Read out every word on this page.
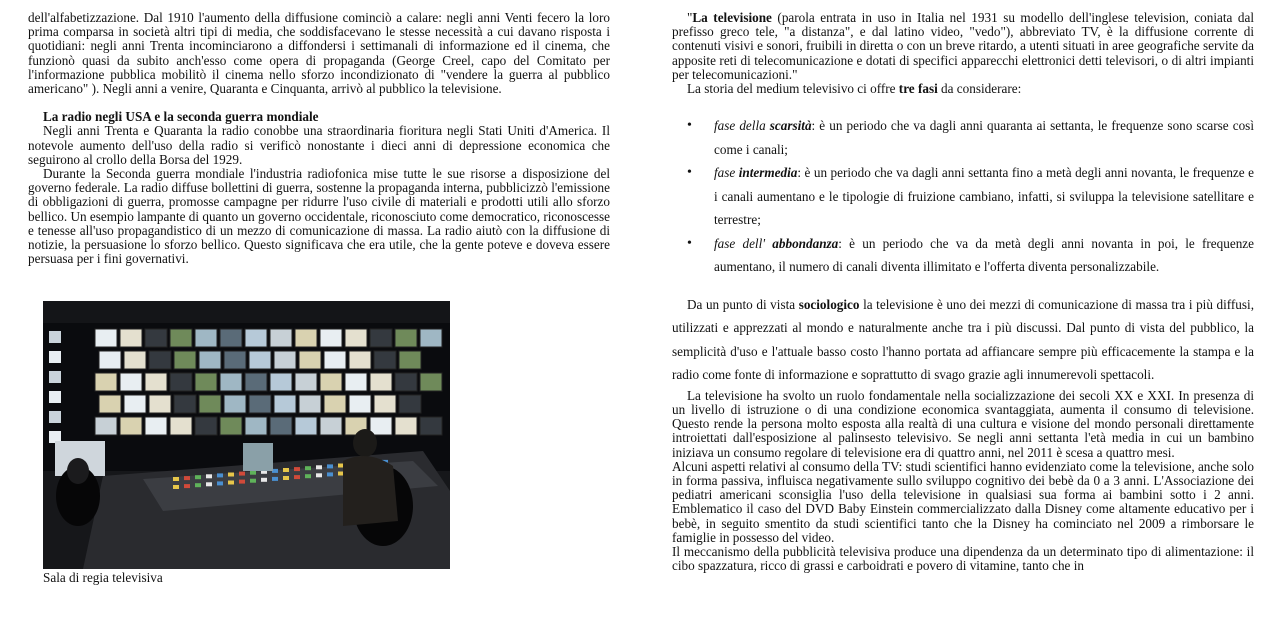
dell'alfabetizzazione. Dal 1910 l'aumento della diffusione cominciò a calare: negli anni Venti fecero la loro prima comparsa in società altri tipi di media, che soddisfacevano le stesse necessità a cui davano risposta i quotidiani: negli anni Trenta incominciarono a diffondersi i settimanali di informazione ed il cinema, che funzionò quasi da subito anch'esso come opera di propaganda (George Creel, capo del Comitato per l'informazione pubblica mobilitò il cinema nello sforzo incondizionato di "vendere la guerra al pubblico americano" ). Negli anni a venire, Quaranta e Cinquanta, arrivò al pubblico la televisione.

La radio negli USA e la seconda guerra mondiale

Negli anni Trenta e Quaranta la radio conobbe una straordinaria fioritura negli Stati Uniti d'America. Il notevole aumento dell'uso della radio si verificò nonostante i dieci anni di depressione economica che seguirono al crollo della Borsa del 1929.

Durante la Seconda guerra mondiale l'industria radiofonica mise tutte le sue risorse a disposizione del governo federale. La radio diffuse bollettini di guerra, sostenne la propaganda interna, pubblicizzò l'emissione di obbligazioni di guerra, promosse campagne per ridurre l'uso civile di materiali e prodotti utili allo sforzo bellico. Un esempio lampante di quanto un governo occidentale, riconosciuto come democratico, riconoscesse e tenesse all'uso propagandistico di un mezzo di comunicazione di massa. La radio aiutò con la diffusione di notizie, la persuasione lo sforzo bellico. Questo significava che era utile, che la gente poteve e doveva essere persuasa per i fini governativi.

Sala di regia televisiva

"La televisione (parola entrata in uso in Italia nel 1931 su modello dell'inglese television, coniata dal prefisso greco tele, "a distanza", e dal latino video, "vedo"), abbreviato TV, è la diffusione corrente di contenuti visivi e sonori, fruibili in diretta o con un breve ritardo, a utenti situati in aree geografiche servite da apposite reti di telecomunicazione e dotati di specifici apparecchi elettronici detti televisori, o di altri impianti per telecomunicazioni."

La storia del medium televisivo ci offre tre fasi da considerare:

• fase della scarsità: è un periodo che va dagli anni quaranta ai settanta, le frequenze sono scarse così come i canali;
• fase intermedia: è un periodo che va dagli anni settanta fino a metà degli anni novanta, le frequenze e i canali aumentano e le tipologie di fruizione cambiano, infatti, si sviluppa la televisione satellitare e terrestre;
• fase dell' abbondanza: è un periodo che va da metà degli anni novanta in poi, le frequenze aumentano, il numero di canali diventa illimitato e l'offerta diventa personalizzabile.

Da un punto di vista sociologico la televisione è uno dei mezzi di comunicazione di massa tra i più diffusi, utilizzati e apprezzati al mondo e naturalmente anche tra i più discussi. Dal punto di vista del pubblico, la semplicità d'uso e l'attuale basso costo l'hanno portata ad affiancare sempre più efficacemente la stampa e la radio come fonte di informazione e soprattutto di svago grazie agli innumerevoli spettacoli.

La televisione ha svolto un ruolo fondamentale nella socializzazione dei secoli XX e XXI. In presenza di un livello di istruzione o di una condizione economica svantaggiata, aumenta il consumo di televisione. Questo rende la persona molto esposta alla realtà di una cultura e visione del mondo personali direttamente introiettati dall'esposizione al palinsesto televisivo. Se negli anni settanta l'età media in cui un bambino iniziava un consumo regolare di televisione era di quattro anni, nel 2011 è scesa a quattro mesi.

Alcuni aspetti relativi al consumo della TV: studi scientifici hanno evidenziato come la televisione, anche solo in forma passiva, influisca negativamente sullo sviluppo cognitivo dei bebè da 0 a 3 anni. L'Associazione dei pediatri americani sconsiglia l'uso della televisione in qualsiasi sua forma ai bambini sotto i 2 anni. Emblematico il caso del DVD Baby Einstein commercializzato dalla Disney come altamente educativo per i bebè, in seguito smentito da studi scientifici tanto che la Disney ha cominciato nel 2009 a rimborsare le famiglie in possesso del video.

Il meccanismo della pubblicità televisiva produce una dipendenza da un determinato tipo di alimentazione: il cibo spazzatura, ricco di grassi e carboidrati e povero di vitamine, tanto che in
